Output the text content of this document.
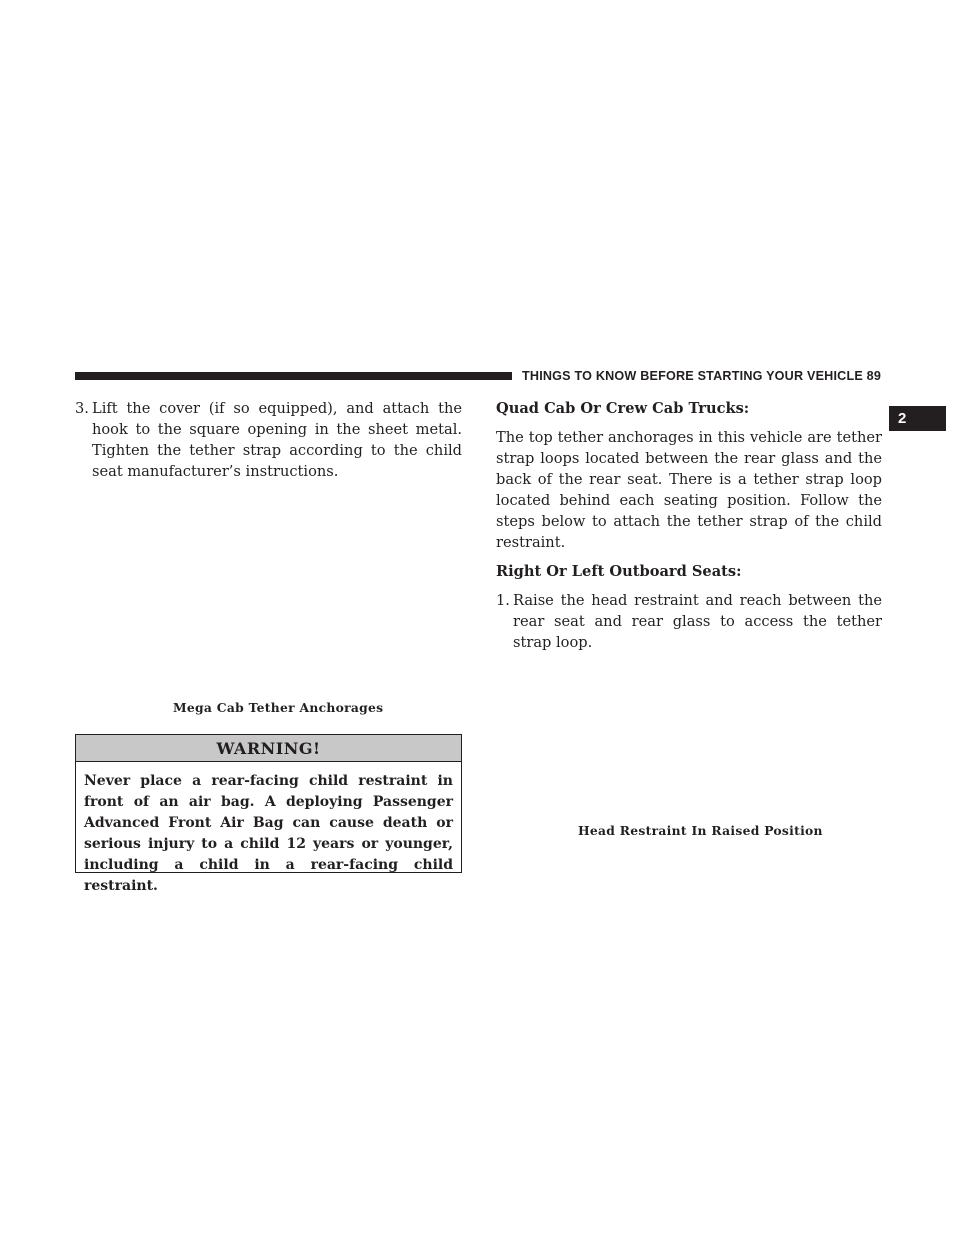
THINGS TO KNOW BEFORE STARTING YOUR VEHICLE 89
2
3. Lift the cover (if so equipped), and attach the hook to the square opening in the sheet metal. Tighten the tether strap according to the child seat manufacturer’s instructions.
Mega Cab Tether Anchorages
WARNING!
Never place a rear-facing child restraint in front of an air bag. A deploying Passenger Advanced Front Air Bag can cause death or serious injury to a child 12 years or younger, including a child in a rear-facing child restraint.

Quad Cab Or Crew Cab Trucks:

The top tether anchorages in this vehicle are tether strap loops located between the rear glass and the back of the rear seat. There is a tether strap loop located behind each seating position. Follow the steps below to attach the tether strap of the child restraint.

Right Or Left Outboard Seats:

1. Raise the head restraint and reach between the rear seat and rear glass to access the tether strap loop.
Head Restraint In Raised Position
